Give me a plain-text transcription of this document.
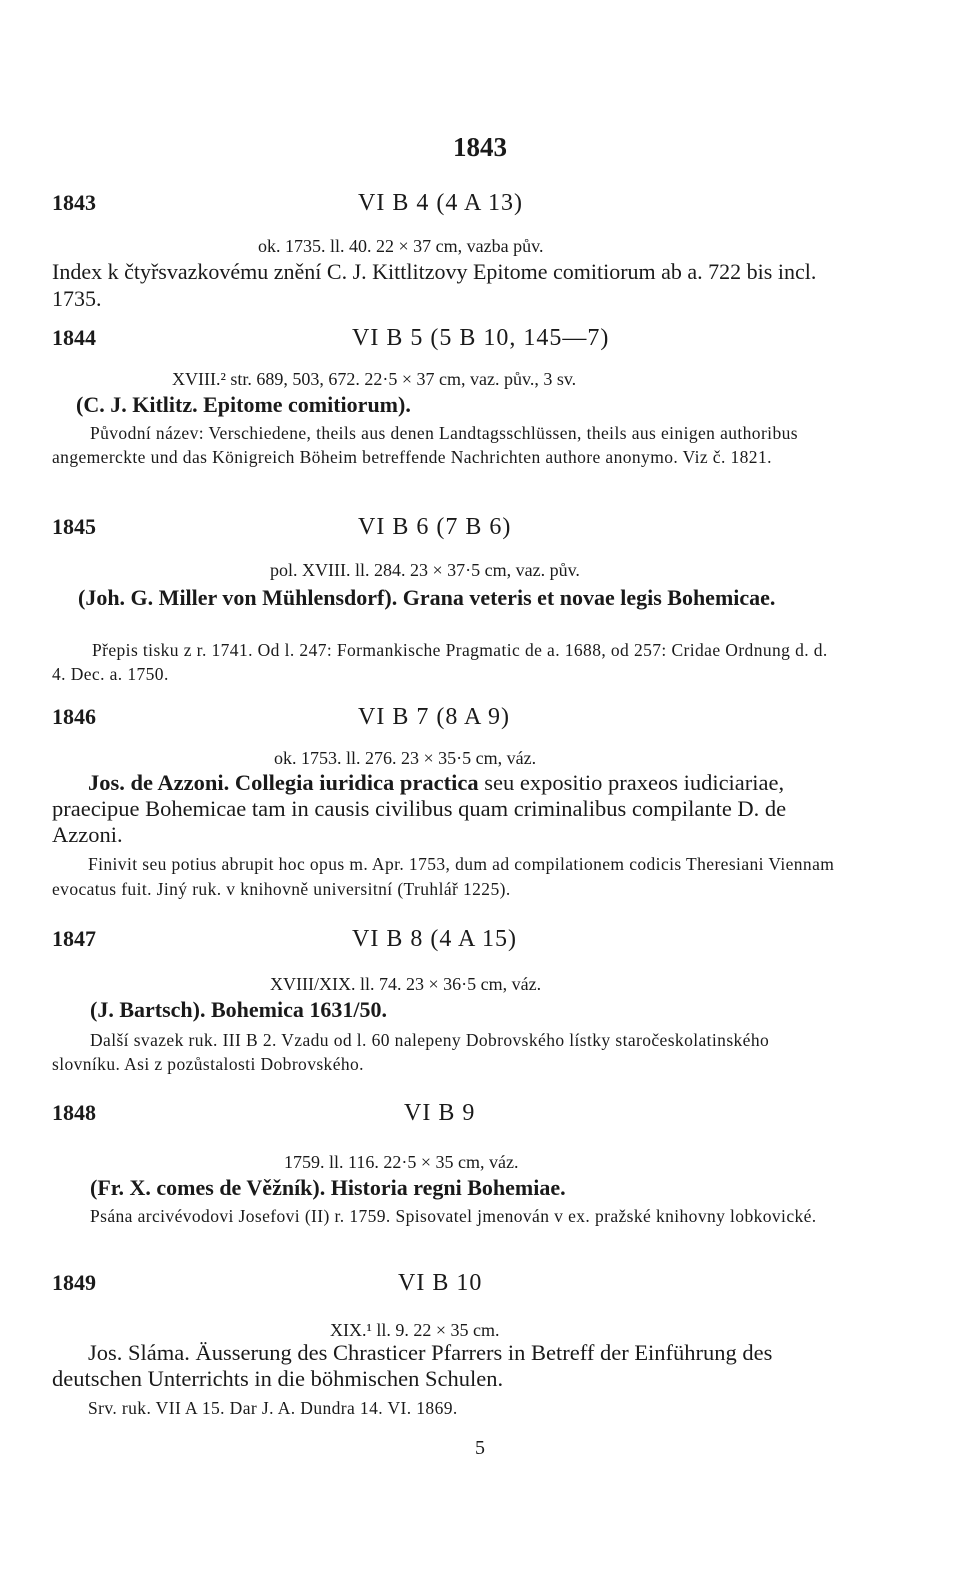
1843
1843	VI B 4 (4 A 13)
ok. 1735. ll. 40. 22 × 37 cm, vazba pův.
Index k čtyřsvazkovému znění C. J. Kittlitzovy Epitome comitiorum ab a. 722 bis incl. 1735.
1844	VI B 5 (5 B 10, 145—7)
XVIII.² str. 689, 503, 672. 22·5 × 37 cm, vaz. pův., 3 sv.
(C. J. Kitlitz. Epitome comitiorum).
Původní název: Verschiedene, theils aus denen Landtagsschlüssen, theils aus einigen authoribus angemerckte und das Königreich Böheim betreffende Nachrichten authore anonymo. Viz č. 1821.
1845	VI B 6 (7 B 6)
pol. XVIII. ll. 284. 23 × 37·5 cm, vaz. pův.
(Joh. G. Miller von Mühlensdorf). Grana veteris et novae legis Bohemicae.
Přepis tisku z r. 1741. Od l. 247: Formankische Pragmatic de a. 1688, od 257: Cridae Ordnung d. d. 4. Dec. a. 1750.
1846	VI B 7 (8 A 9)
ok. 1753. ll. 276. 23 × 35·5 cm, váz.
Jos. de Azzoni. Collegia iuridica practica seu expositio praxeos iudiciariae, praecipue Bohemicae tam in causis civilibus quam criminalibus compilante D. de Azzoni.
Finivit seu potius abrupit hoc opus m. Apr. 1753, dum ad compilationem codicis Theresiani Viennam evocatus fuit. Jiný ruk. v knihovně universitní (Truhlář 1225).
1847	VI B 8 (4 A 15)
XVIII/XIX. ll. 74. 23 × 36·5 cm, váz.
(J. Bartsch). Bohemica 1631/50.
Další svazek ruk. III B 2. Vzadu od l. 60 nalepeny Dobrovského lístky staročeskolatinského slovníku. Asi z pozůstalosti Dobrovského.
1848	VI B 9
1759. ll. 116. 22·5 × 35 cm, váz.
(Fr. X. comes de Věžník). Historia regni Bohemiae.
Psána arcivévodovi Josefovi (II) r. 1759. Spisovatel jmenován v ex. pražské knihovny lobkovické.
1849	VI B 10
XIX.¹ ll. 9. 22 × 35 cm.
Jos. Sláma. Äusserung des Chrasticer Pfarrers in Betreff der Einführung des deutschen Unterrichts in die böhmischen Schulen.
Srv. ruk. VII A 15. Dar J. A. Dundra 14. VI. 1869.
5
